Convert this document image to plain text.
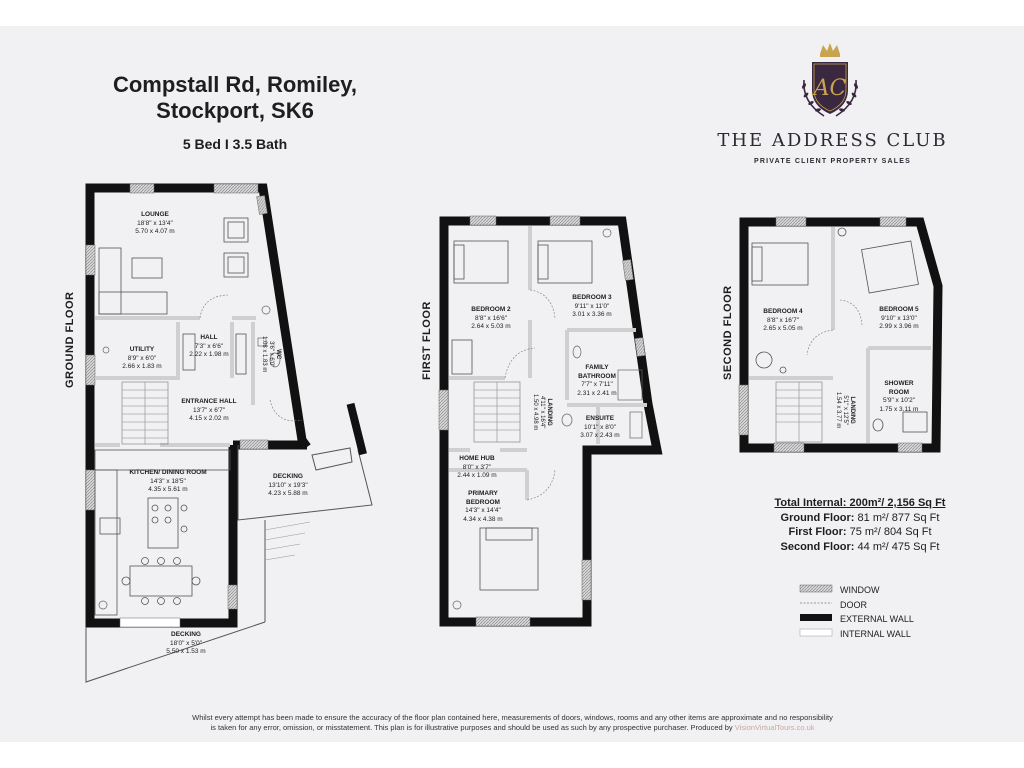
Compstall Rd, Romiley,
Stockport, SK6
5 Bed I 3.5 Bath
AC
THE ADDRESS CLUB
PRIVATE CLIENT PROPERTY SALES
GROUND FLOOR	FIRST FLOOR	SECOND FLOOR
LOUNGE
18'8" x 13'4"
5.70 x 4.07 m
HALL
7'3" x 6'6"
2.22 x 1.98 m
UTILITY
8'9" x 6'0"
2.66 x 1.83 m
WC
3'6" x 6'0"
1.08 x 1.83 m
ENTRANCE HALL
13'7" x 6'7"
4.15 x 2.02 m
KITCHEN/ DINING ROOM
14'3" x 18'5"
4.35 x 5.61 m
DECKING
13'10" x 19'3"
4.23 x 5.88 m
DECKING
18'0" x 5'0"
5.50 x 1.53 m
BEDROOM 2
8'8" x 16'6"
2.64 x 5.03 m
BEDROOM 3
9'11" x 11'0"
3.01 x 3.36 m
FAMILY
BATHROOM
7'7" x 7'11"
2.31 x 2.41 m
LANDING
4'11" x 16'4"
1.50 x 4.98 m	ENSUITE
10'1" x 8'0"
3.07 x 2.43 m
HOME HUB
8'0" x 3'7"
2.44 x 1.09 m
PRIMARY
BEDROOM
14'3" x 14'4"
4.34 x 4.38 m
BEDROOM 4
8'8" x 16'7"
2.65 x 5.05 m
BEDROOM 5
9'10" x 13'0"
2.99 x 3.96 m
SHOWER
ROOM
5'9" x 10'2"
1.75 x 3.11 m
LANDING
5'1" x 12'5"
1.54 x 3.77 m
Total Internal: 200m²/ 2,156 Sq Ft
Ground Floor: 81 m²/ 877 Sq Ft
First Floor: 75 m²/ 804 Sq Ft
Second Floor: 44 m²/ 475 Sq Ft
WINDOW
DOOR
EXTERNAL WALL
INTERNAL WALL
Whilst every attempt has been made to ensure the accuracy of the floor plan contained here, measurements of doors, windows, rooms and any other items are approximate and no responsibility
is taken for any error, omission, or misstatement. This plan is for illustrative purposes and should be used as such by any prospective purchaser. Produced by VisionVirtualTours.co.uk
